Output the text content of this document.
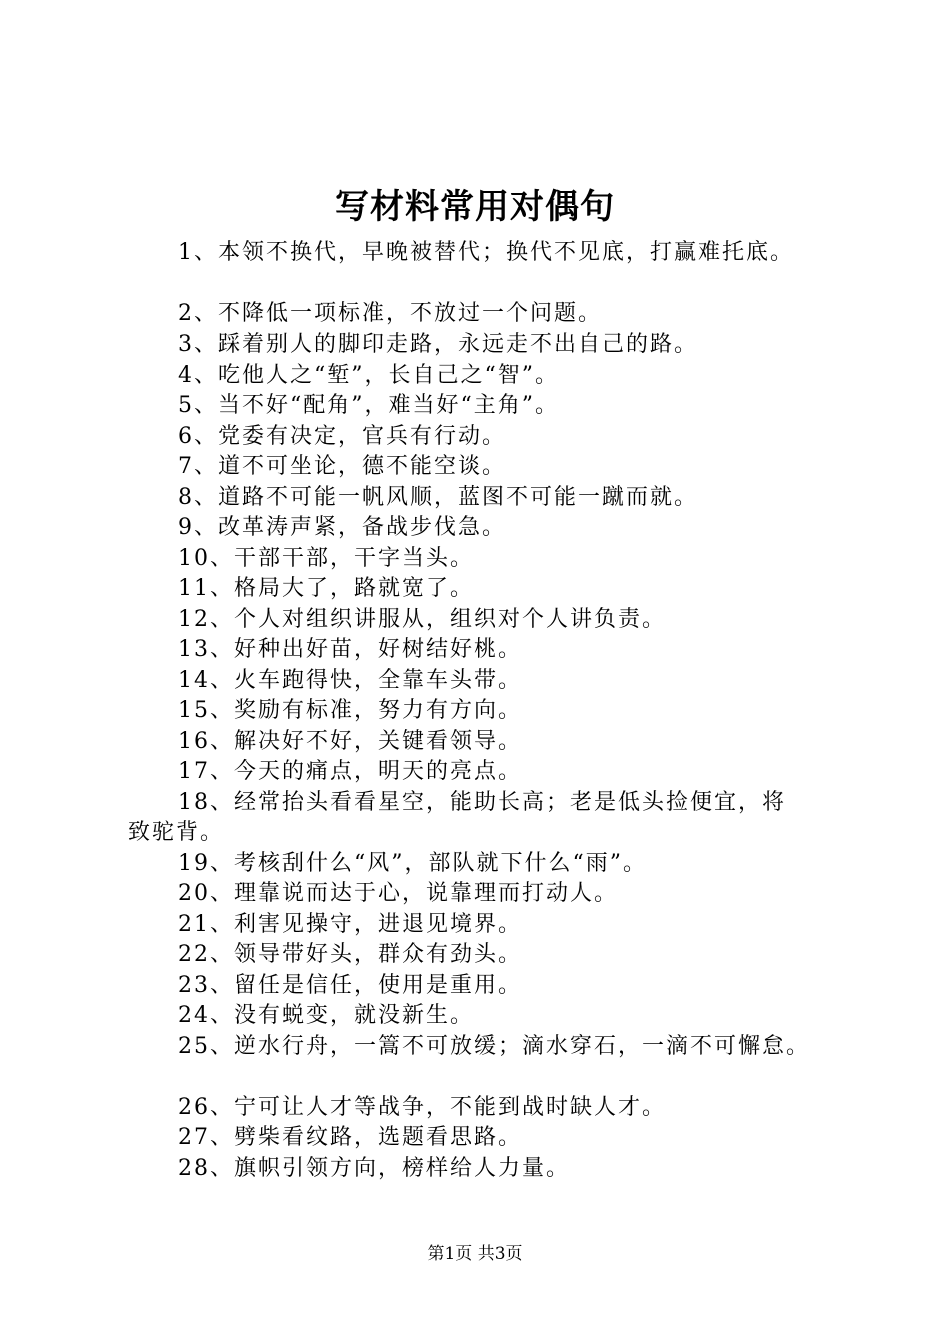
写材料常用对偶句
1、本领不换代，早晚被替代；换代不见底，打赢难托底。
2、不降低一项标准，不放过一个问题。
3、踩着别人的脚印走路，永远走不出自己的路。
4、吃他人之“堑”，长自己之“智”。
5、当不好“配角”，难当好“主角”。
6、党委有决定，官兵有行动。
7、道不可坐论，德不能空谈。
8、道路不可能一帆风顺，蓝图不可能一蹴而就。
9、改革涛声紧，备战步伐急。
10、干部干部，干字当头。
11、格局大了，路就宽了。
12、个人对组织讲服从，组织对个人讲负责。
13、好种出好苗，好树结好桃。
14、火车跑得快，全靠车头带。
15、奖励有标准，努力有方向。
16、解决好不好，关键看领导。
17、今天的痛点，明天的亮点。
18、经常抬头看看星空，能助长高；老是低头捡便宜，将
致驼背。
19、考核刮什么“风”，部队就下什么“雨”。
20、理靠说而达于心，说靠理而打动人。
21、利害见操守，进退见境界。
22、领导带好头，群众有劲头。
23、留任是信任，使用是重用。
24、没有蜕变，就没新生。
25、逆水行舟，一篙不可放缓；滴水穿石，一滴不可懈怠。
26、宁可让人才等战争，不能到战时缺人才。
27、劈柴看纹路，选题看思路。
28、旗帜引领方向，榜样给人力量。
第1页 共3页
